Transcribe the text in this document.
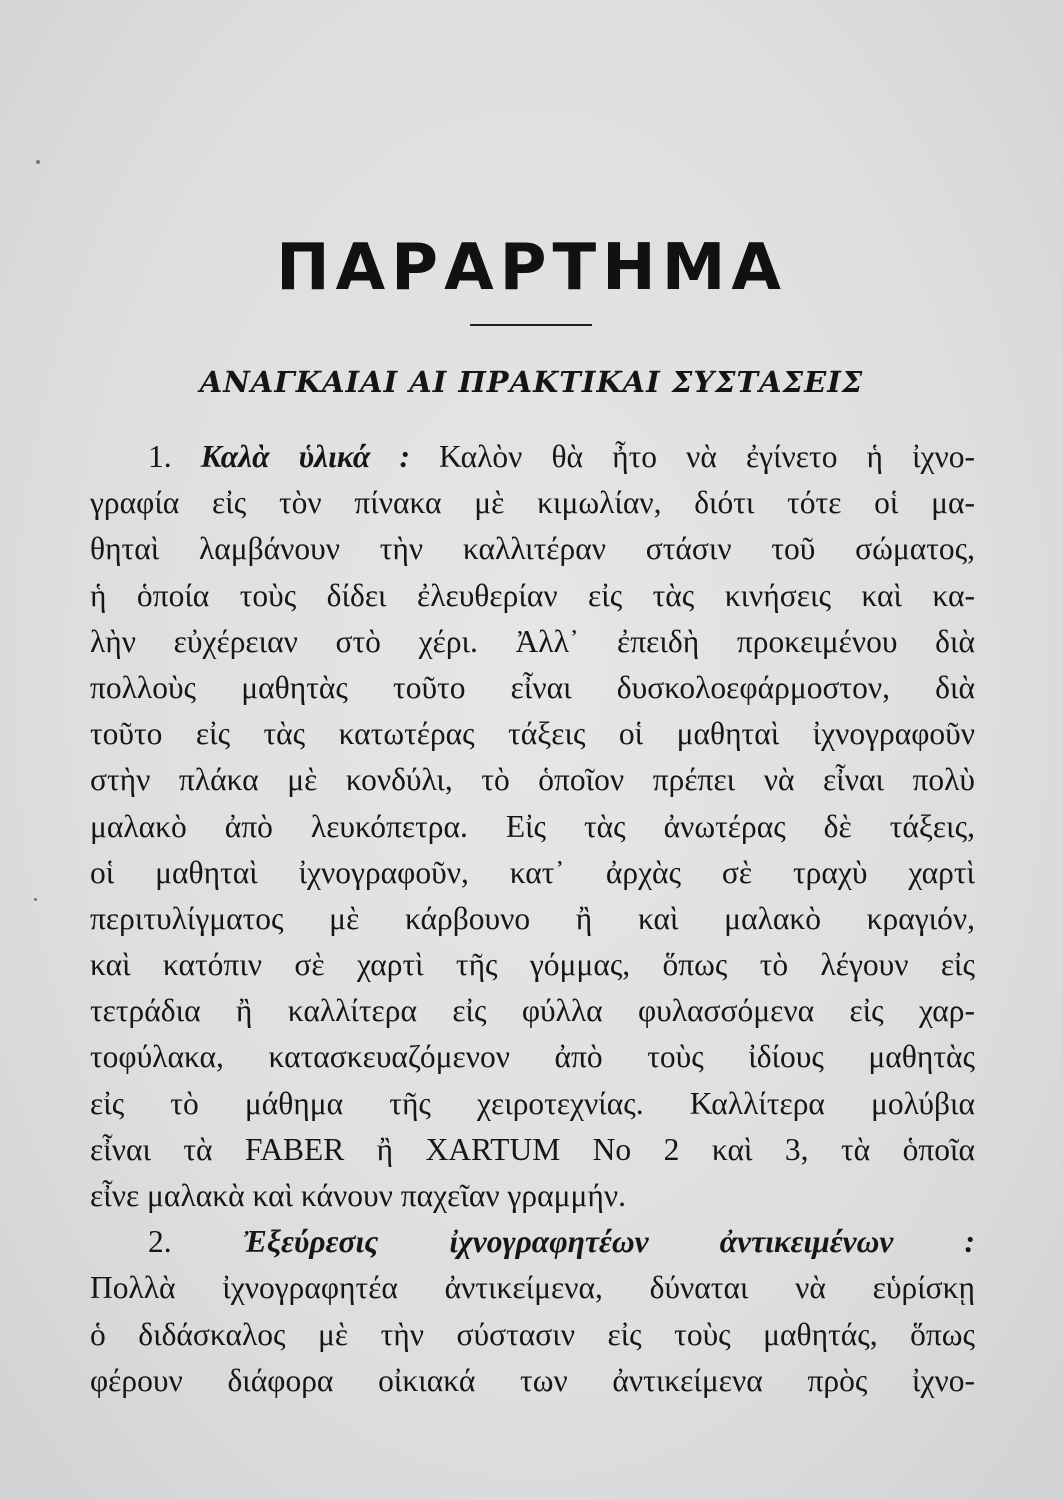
ΠΑΡΑΡΤΗΜΑ
ΑΝΑΓΚΑΙΑΙ ΑΙ ΠΡΑΚΤΙΚΑΙ ΣΥΣΤΑΣΕΙΣ
1. Καλὰ ὑλικά : Καλὸν θὰ ἦτο νὰ ἐγίνετο ἡ ἰχνο-
γραφία εἰς τὸν πίνακα μὲ κιμωλίαν, διότι τότε οἱ μα-
θηταὶ λαμβάνουν τὴν καλλιτέραν στάσιν τοῦ σώματος,
ἡ ὁποία τοὺς δίδει ἐλευθερίαν εἰς τὰς κινήσεις καὶ κα-
λὴν εὐχέρειαν στὸ χέρι. Ἀλλ᾿ ἐπειδὴ προκειμένου διὰ
πολλοὺς μαθητὰς τοῦτο εἶναι δυσκολοεφάρμοστον, διὰ
τοῦτο εἰς τὰς κατωτέρας τάξεις οἱ μαθηταὶ ἰχνογραφοῦν
στὴν πλάκα μὲ κονδύλι, τὸ ὁποῖον πρέπει νὰ εἶναι πολὺ
μαλακὸ ἀπὸ λευκόπετρα. Εἰς τὰς ἀνωτέρας δὲ τάξεις,
οἱ μαθηταὶ ἰχνογραφοῦν, κατ᾿ ἀρχὰς σὲ τραχὺ χαρτὶ
περιτυλίγματος μὲ κάρβουνο ἢ καὶ μαλακὸ κραγιόν,
καὶ κατόπιν σὲ χαρτὶ τῆς γόμμας, ὅπως τὸ λέγουν εἰς
τετράδια ἢ καλλίτερα εἰς φύλλα φυλασσόμενα εἰς χαρ-
τοφύλακα, κατασκευαζόμενον ἀπὸ τοὺς ἰδίους μαθητὰς
εἰς τὸ μάθημα τῆς χειροτεχνίας. Καλλίτερα μολύβια
εἶναι τὰ FABER ἢ XARTUM No 2 καὶ 3, τὰ ὁποῖα
εἶνε μαλακὰ καὶ κάνουν παχεῖαν γραμμήν.
2. Ἐξεύρεσις ἰχνογραφητέων ἀντικειμένων :
Πολλὰ ἰχνογραφητέα ἀντικείμενα, δύναται νὰ εὑρίσκῃ
ὁ διδάσκαλος μὲ τὴν σύστασιν εἰς τοὺς μαθητάς, ὅπως
φέρουν διάφορα οἰκιακά των ἀντικείμενα πρὸς ἰχνο-
